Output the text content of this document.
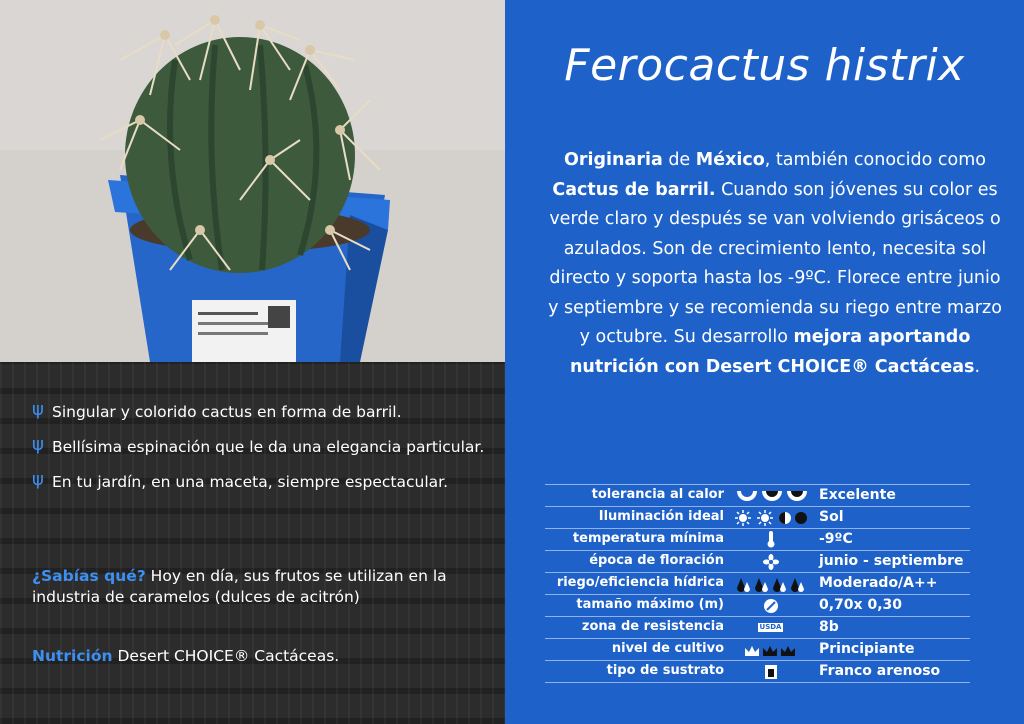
ψ Singular y colorido cactus en forma de barril.
ψ Bellísima espinación que le da una elegancia particular.
ψ En tu jardín, en una maceta, siempre espectacular.
¿Sabías qué? Hoy en día, sus frutos se utilizan en la industria de caramelos (dulces de acitrón)
Nutrición Desert CHOICE® Cactáceas.
Ferocactus histrix
Originaria de México, también conocido como Cactus de barril. Cuando son jóvenes su color es verde claro y después se van volviendo grisáceos o azulados. Son de crecimiento lento, necesita sol directo y soporta hasta los -9ºC. Florece entre junio y septiembre y se recomienda su riego entre marzo y octubre. Su desarrollo mejora aportando nutrición con Desert CHOICE® Cactáceas.
tolerancia al calor	Excelente
Iluminación ideal	Sol
temperatura mínima	-9ºC
época de floración	junio - septiembre
riego/eficiencia hídrica	Moderado/A++
tamaño máximo (m)	0,70x 0,30
zona de resistencia	USDA	8b
nivel de cultivo	Principiante
tipo de sustrato	Franco arenoso
